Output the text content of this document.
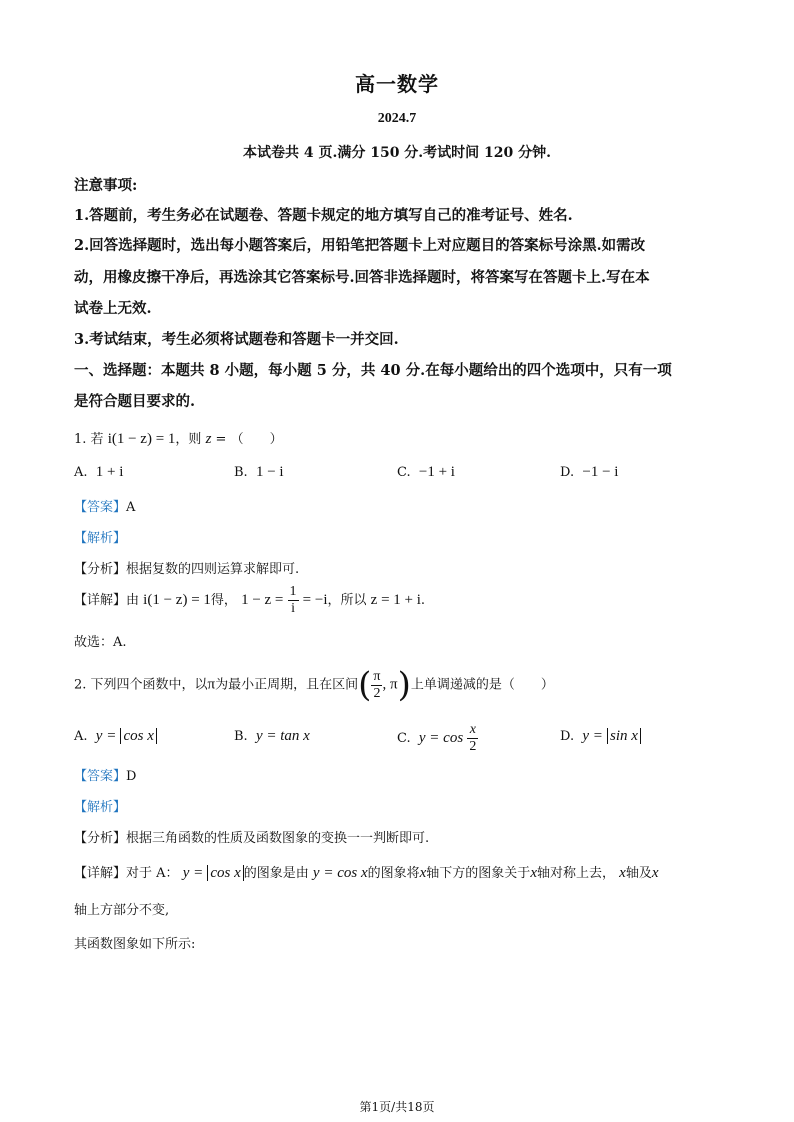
高一数学
2024.7
本试卷共 4 页.满分 150 分.考试时间 120 分钟.
注意事项:
1.答题前，考生务必在试题卷、答题卡规定的地方填写自己的准考证号、姓名.
2.回答选择题时，选出每小题答案后，用铅笔把答题卡上对应题目的答案标号涂黑.如需改
动，用橡皮擦干净后，再选涂其它答案标号.回答非选择题时，将答案写在答题卡上.写在本
试卷上无效.
3.考试结束，考生必须将试题卷和答题卡一并交回.
一、选择题：本题共 8 小题，每小题 5 分，共 40 分.在每小题给出的四个选项中，只有一项
是符合题目要求的.
1. 若 i(1 − z) = 1，则 z = （　　）
A. 1 + i	B. 1 − i	C. −1 + i	D. −1 − i
【答案】A
【解析】
【分析】根据复数的四则运算求解即可.
【详解】由 i(1 − z) = 1得， $1 - z = \frac{1}{i} = -i$，所以 z = 1 + i.
故选：A.
2. 下列四个函数中，以π为最小正周期，且在区间( $\frac{\pi}{2}$ , π)上单调递减的是（　　）
A. y = cos x	B. y = tan x	C. $y = \cos \frac{x}{2}$	D. y = sin x
【答案】D
【解析】
【分析】根据三角函数的性质及函数图象的变换一一判断即可.
【详解】对于 A： y = cos x 的图象是由 y = cos x的图象将x轴下方的图象关于x轴对称上去， x轴及x
轴上方部分不变,
其函数图象如下所示:
第1页/共18页
